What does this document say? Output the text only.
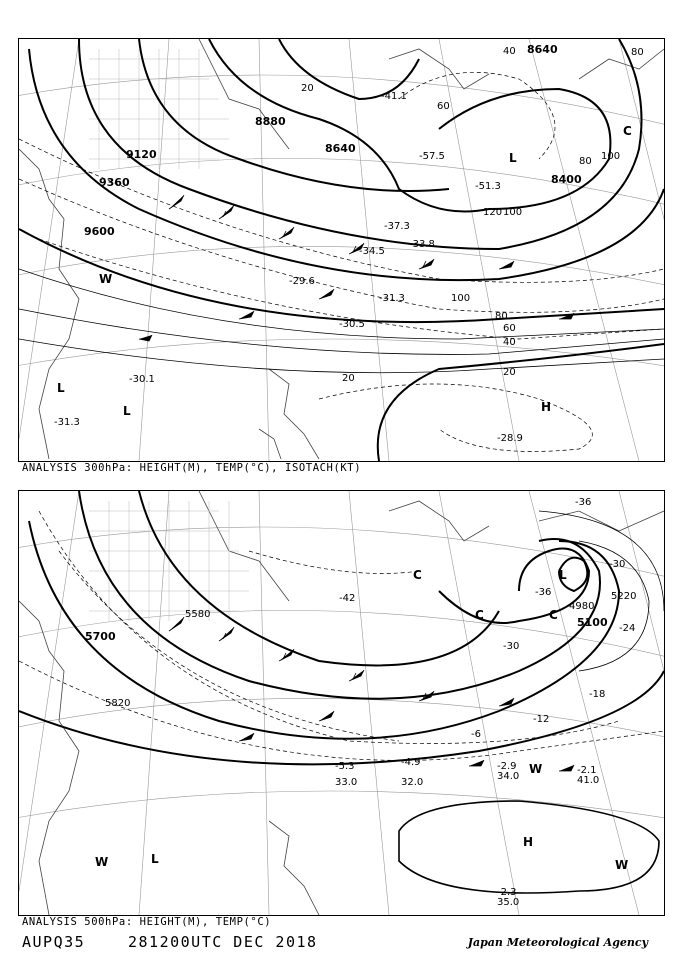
8640
8880
9120
9360
9600
8640
8400
20
20
40
60
80
100
120 100
80
60
40
20
100
80
-30.5
-31.3
-33.8
-34.5
-29.6
-30.1
-31.3
-28.9
-37.3
-51.3
-57.5
-41.1
L
L
L	H
W
C
ANALYSIS 300hPa: HEIGHT(M), TEMP(°C), ISOTACH(KT)
5700
5580
5820
5100
4980
5220
-36
-30
-24
-18
-12
-6
-42
-36
-30
-2.9
34.0
-2.1
41.0
-2.3
35.0
-4.9
32.0
-5.3
33.0
L
L
H
W
W
W
C
C	C
ANALYSIS 500hPa: HEIGHT(M), TEMP(°C)
AUPQ35	281200UTC DEC 2018	Japan Meteorological Agency
